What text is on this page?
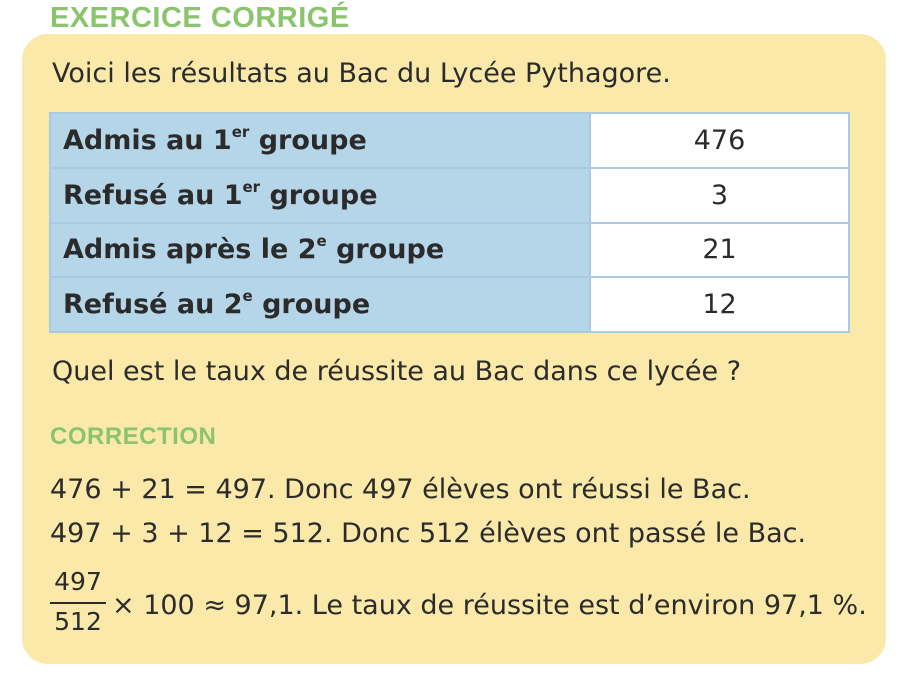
EXERCICE CORRIGÉ
Voici les résultats au Bac du Lycée Pythagore.
Admis au 1er groupe	476
Refusé au 1er groupe	3
Admis après le 2e groupe	21
Refusé au 2e groupe	12
Quel est le taux de réussite au Bac dans ce lycée ?
CORRECTION
476 + 21 = 497. Donc 497 élèves ont réussi le Bac.
497 + 3 + 12 = 512. Donc 512 élèves ont passé le Bac.
497
512
× 100 ≈ 97,1. Le taux de réussite est d’environ 97,1 %.
